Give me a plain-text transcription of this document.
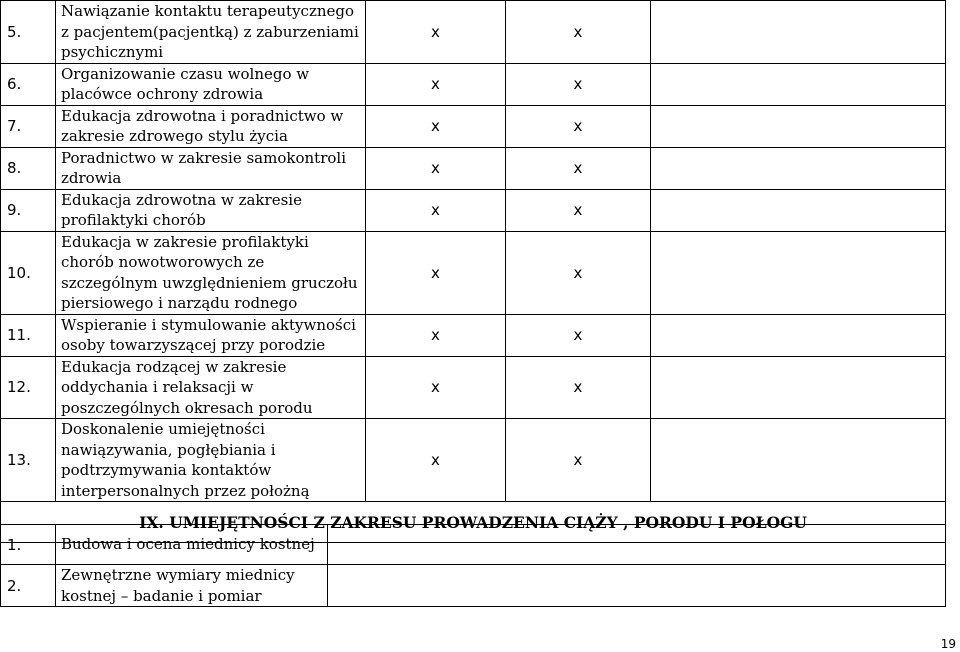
5.	Nawiązanie kontaktu terapeutycznego z pacjentem(pacjentką) z zaburzeniami psychicznymi	x	x	
6.	Organizowanie czasu wolnego w placówce ochrony zdrowia	x	x	
7.	Edukacja zdrowotna i poradnictwo w zakresie zdrowego stylu życia	x	x	
8.	Poradnictwo w zakresie samokontroli zdrowia	x	x	
9.	Edukacja zdrowotna w zakresie profilaktyki chorób	x	x	
10.	Edukacja w zakresie profilaktyki chorób nowotworowych ze szczególnym uwzględnieniem gruczołu piersiowego i narządu rodnego	x	x	
11.	Wspieranie i stymulowanie aktywności osoby towarzyszącej przy porodzie	x	x	
12.	Edukacja rodzącej w zakresie oddychania i relaksacji w poszczególnych okresach porodu	x	x	
13.	Doskonalenie umiejętności nawiązywania, pogłębiania i podtrzymywania kontaktów interpersonalnych przez położną	x	x	
IX. UMIEJĘTNOŚCI Z ZAKRESU PROWADZENIA CIĄŻY , PORODU I POŁOGU				
1.	Budowa i ocena miednicy kostnej	
2.	Zewnętrzne wymiary miednicy kostnej – badanie i pomiar	
19
